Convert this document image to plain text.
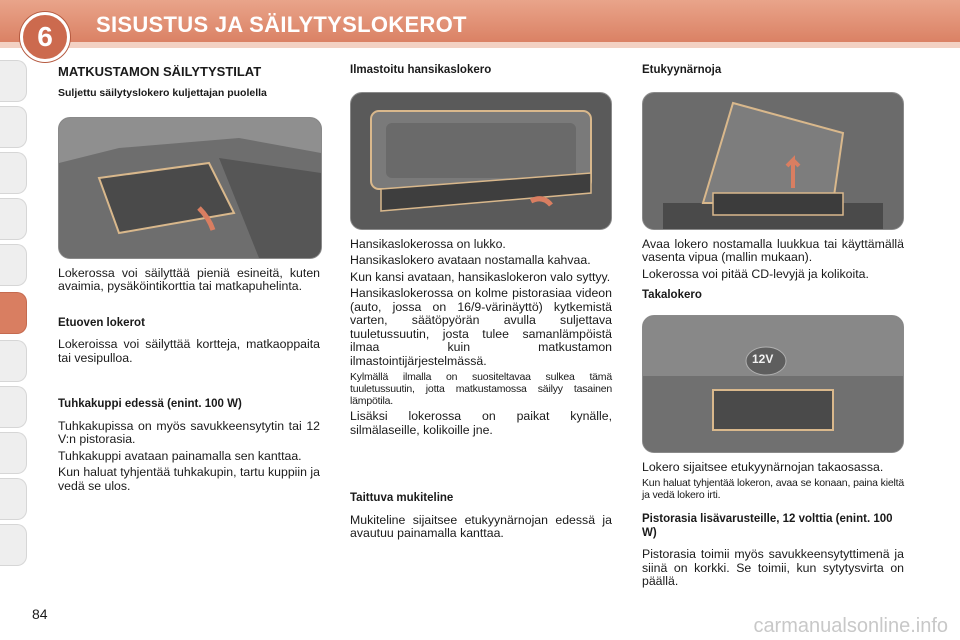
6	SISUSTUS JA SÄILYTYSLOKEROT
MATKUSTAMON SÄILYTYSTILAT
Suljettu säilytyslokero kuljettajan puolella

Lokerossa voi säilyttää pieniä esineitä, kuten avaimia, pysäköintikorttia tai matkapuhelinta.

Etuoven lokerot

Lokeroissa voi säilyttää kortteja, matkaoppaita tai vesipulloa.

Tuhkakuppi edessä (enint. 100 W)

Tuhkakupissa on myös savukkeensytytin tai 12 V:n pistorasia.

Tuhkakuppi avataan painamalla sen kanttaa.

Kun haluat tyhjentää tuhkakupin, tartu kuppiin ja vedä se ulos.

Ilmastoitu hansikaslokero

Hansikaslokerossa on lukko.

Hansikaslokero avataan nostamalla kahvaa.

Kun kansi avataan, hansikaslokeron valo syttyy.

Hansikaslokerossa on kolme pistorasiaa videon (auto, jossa on 16/9-värinäyttö) kytkemistä varten, säätöpyörän avulla suljettava tuuletussuutin, josta tulee samanlämpöistä ilmaa kuin matkustamon ilmastointijärjestelmässä.

Kylmällä ilmalla on suositeltavaa sulkea tämä tuuletussuutin, jotta matkustamossa säilyy tasainen lämpötila.

Lisäksi lokerossa on paikat kynälle, silmälaseille, kolikoille jne.

Taittuva mukiteline

Mukiteline sijaitsee etukyynärnojan edessä ja avautuu painamalla kanttaa.

Etukyynärnoja

Avaa lokero nostamalla luukkua tai käyttämällä vasenta vipua (mallin mukaan).

Lokerossa voi pitää CD-levyjä ja kolikoita.

Takalokero
12V

Lokero sijaitsee etukyynärnojan takaosassa.

Kun haluat tyhjentää lokeron, avaa se konaan, paina kieltä ja vedä lokero irti.

Pistorasia lisävarusteille, 12 volttia (enint. 100 W)

Pistorasia toimii myös savukkeensytyttimenä ja siinä on korkki. Se toimii, kun sytytysvirta on päällä.

84
carmanualsonline.info
